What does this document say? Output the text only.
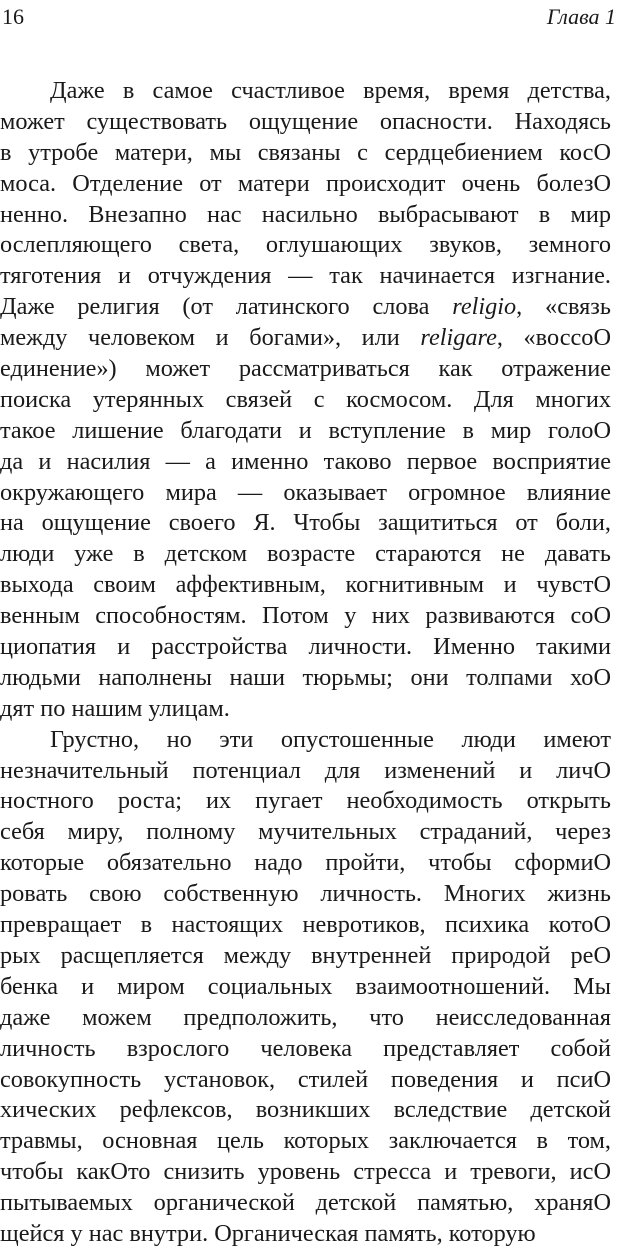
16	Глава 1
Даже в самое счастливое время, время детства,
может существовать ощущение опасности. Находясь
в утробе матери, мы связаны с сердцебиением косО
моса. Отделение от матери происходит очень болезО
ненно. Внезапно нас насильно выбрасывают в мир
ослепляющего света, оглушающих звуков, земного
тяготения и отчуждения — так начинается изгнание.
Даже религия (от латинского слова religio, «связь
между человеком и богами», или religare, «воссоО
единение») может рассматриваться как отражение
поиска утерянных связей с космосом. Для многих
такое лишение благодати и вступление в мир голоО
да и насилия — а именно таково первое восприятие
окружающего мира — оказывает огромное влияние
на ощущение своего Я. Чтобы защититься от боли,
люди уже в детском возрасте стараются не давать
выхода своим аффективным, когнитивным и чувстО
венным способностям. Потом у них развиваются соО
циопатия и расстройства личности. Именно такими
людьми наполнены наши тюрьмы; они толпами хоО
дят по нашим улицам.
Грустно, но эти опустошенные люди имеют
незначительный потенциал для изменений и личО
ностного роста; их пугает необходимость открыть
себя миру, полному мучительных страданий, через
которые обязательно надо пройти, чтобы сформиО
ровать свою собственную личность. Многих жизнь
превращает в настоящих невротиков, психика котоО
рых расщепляется между внутренней природой реО
бенка и миром социальных взаимоотношений. Мы
даже можем предположить, что неисследованная
личность взрослого человека представляет собой
совокупность установок, стилей поведения и псиО
хических рефлексов, возникших вследствие детской
травмы, основная цель которых заключается в том,
чтобы какОто снизить уровень стресса и тревоги, исО
пытываемых органической детской памятью, храняО
щейся у нас внутри. Органическая память, которую
